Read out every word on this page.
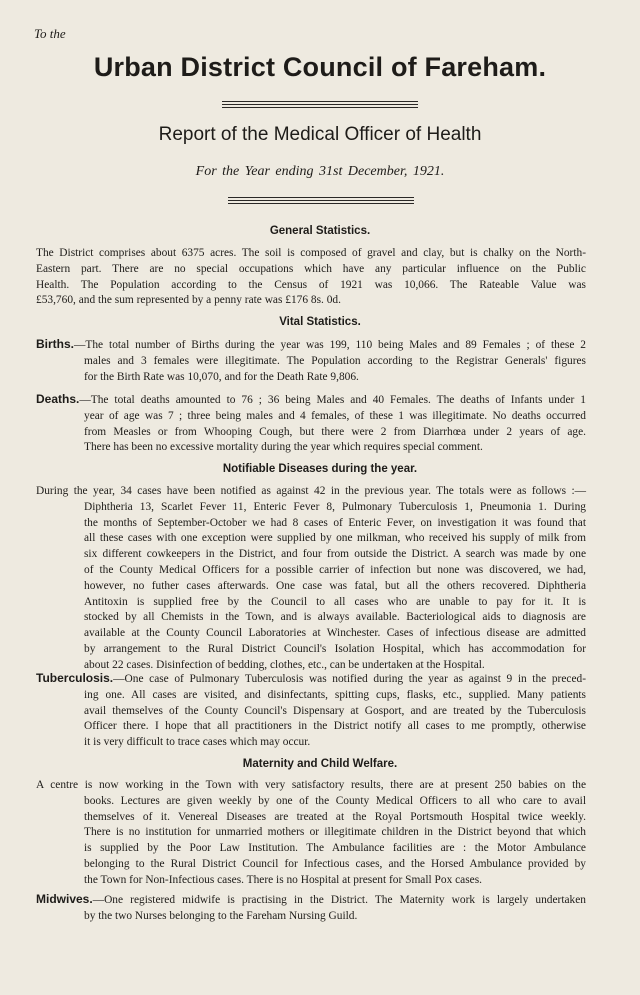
To the
Urban District Council of Fareham.
Report of the Medical Officer of Health
For the Year ending 31st December, 1921.
General Statistics.
The District comprises about 6375 acres. The soil is composed of gravel and clay, but is chalky on the North-
Eastern part. There are no special occupations which have any particular influence on the Public
Health. The Population according to the Census of 1921 was 10,066. The Rateable Value was
£53,760, and the sum represented by a penny rate was £176 8s. 0d.
Vital Statistics.
Births.—The total number of Births during the year was 199, 110 being Males and 89 Females ; of these 2
males and 3 females were illegitimate. The Population according to the Registrar Generals' figures
for the Birth Rate was 10,070, and for the Death Rate 9,806.
Deaths.—The total deaths amounted to 76 ; 36 being Males and 40 Females. The deaths of Infants under 1
year of age was 7 ; three being males and 4 females, of these 1 was illegitimate. No deaths occurred
from Measles or from Whooping Cough, but there were 2 from Diarrhœa under 2 years of age.
There has been no excessive mortality during the year which requires special comment.
Notifiable Diseases during the year.
During the year, 34 cases have been notified as against 42 in the previous year. The totals were as follows :—
Diphtheria 13, Scarlet Fever 11, Enteric Fever 8, Pulmonary Tuberculosis 1, Pneumonia 1. During
the months of September-October we had 8 cases of Enteric Fever, on investigation it was found that
all these cases with one exception were supplied by one milkman, who received his supply of milk from
six different cowkeepers in the District, and four from outside the District. A search was made by one
of the County Medical Officers for a possible carrier of infection but none was discovered, we had,
however, no futher cases afterwards. One case was fatal, but all the others recovered. Diphtheria
Antitoxin is supplied free by the Council to all cases who are unable to pay for it. It is
stocked by all Chemists in the Town, and is always available. Bacteriological aids to diagnosis are
available at the County Council Laboratories at Winchester. Cases of infectious disease are admitted
by arrangement to the Rural District Council's Isolation Hospital, which has accommodation for
about 22 cases. Disinfection of bedding, clothes, etc., can be undertaken at the Hospital.
Tuberculosis.—One case of Pulmonary Tuberculosis was notified during the year as against 9 in the preced-
ing one. All cases are visited, and disinfectants, spitting cups, flasks, etc., supplied. Many patients
avail themselves of the County Council's Dispensary at Gosport, and are treated by the Tuberculosis
Officer there. I hope that all practitioners in the District notify all cases to me promptly, otherwise
it is very difficult to trace cases which may occur.
Maternity and Child Welfare.
A centre is now working in the Town with very satisfactory results, there are at present 250 babies on the
books. Lectures are given weekly by one of the County Medical Officers to all who care to avail
themselves of it. Venereal Diseases are treated at the Royal Portsmouth Hospital twice weekly.
There is no institution for unmarried mothers or illegitimate children in the District beyond that which
is supplied by the Poor Law Institution. The Ambulance facilities are : the Motor Ambulance
belonging to the Rural District Council for Infectious cases, and the Horsed Ambulance provided by
the Town for Non-Infectious cases. There is no Hospital at present for Small Pox cases.
Midwives.—One registered midwife is practising in the District. The Maternity work is largely undertaken
by the two Nurses belonging to the Fareham Nursing Guild.
